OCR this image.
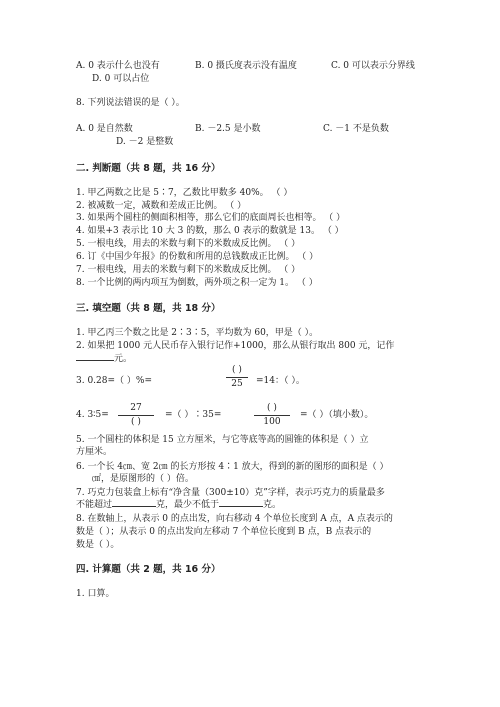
A. 0 表示什么也没有	B. 0 摄氏度表示没有温度	C. 0 可以表示分界线
D. 0 可以占位
8. 下列说法错误的是（ ）。
A. 0 是自然数	B. －2.5 是小数	C. －1 不是负数
D. －2 是整数
二. 判断题（共 8 题，共 16 分）
1. 甲乙两数之比是 5∶7，乙数比甲数多 40%。 （ ）
2. 被减数一定，减数和差成正比例。 （ ）
3. 如果两个圆柱的侧面积相等，那么它们的底面周长也相等。 （ ）
4. 如果+3 表示比 10 大 3 的数，那么 0 表示的数就是 13。 （ ）
5. 一根电线，用去的米数与剩下的米数成反比例。 （ ）
6. 订《中国少年报》的份数和所用的总钱数成正比例。 （ ）
7. 一根电线，用去的米数与剩下的米数成反比例。 （ ）
8. 一个比例的两内项互为倒数，两外项之积一定为 1。 （ ）
三. 填空题（共 8 题，共 18 分）
1. 甲乙丙三个数之比是 2∶3∶5，平均数为 60，甲是（ ）。
2. 如果把 1000 元人民币存入银行记作+1000，那么从银行取出 800 元，记作
元。
3. 0.28=（ ）%=
( )
25	=14：（ ）。
4. 3∶5=
27
( )
=（ ）∶35=
( )
100
=（ ）（填小数）。
5. 一个圆柱的体积是 15 立方厘米，与它等底等高的圆锥的体积是（ ）立
方厘米。
6. 一个长 4㎝、宽 2㎝ 的长方形按 4∶1 放大，得到的新的图形的面积是（ ）
㎠，是原图形的（ ）倍。
7. 巧克力包装盒上标有“净含量（300±10）克”字样，表示巧克力的质量最多
不能超过	克，最少不低于	克。
8. 在数轴上，从表示 0 的点出发，向右移动 4 个单位长度到 A 点，A 点表示的
数是（ ）；从表示 0 的点出发向左移动 7 个单位长度到 B 点，B 点表示的
数是（ ）。
四. 计算题（共 2 题，共 16 分）
1. 口算。
